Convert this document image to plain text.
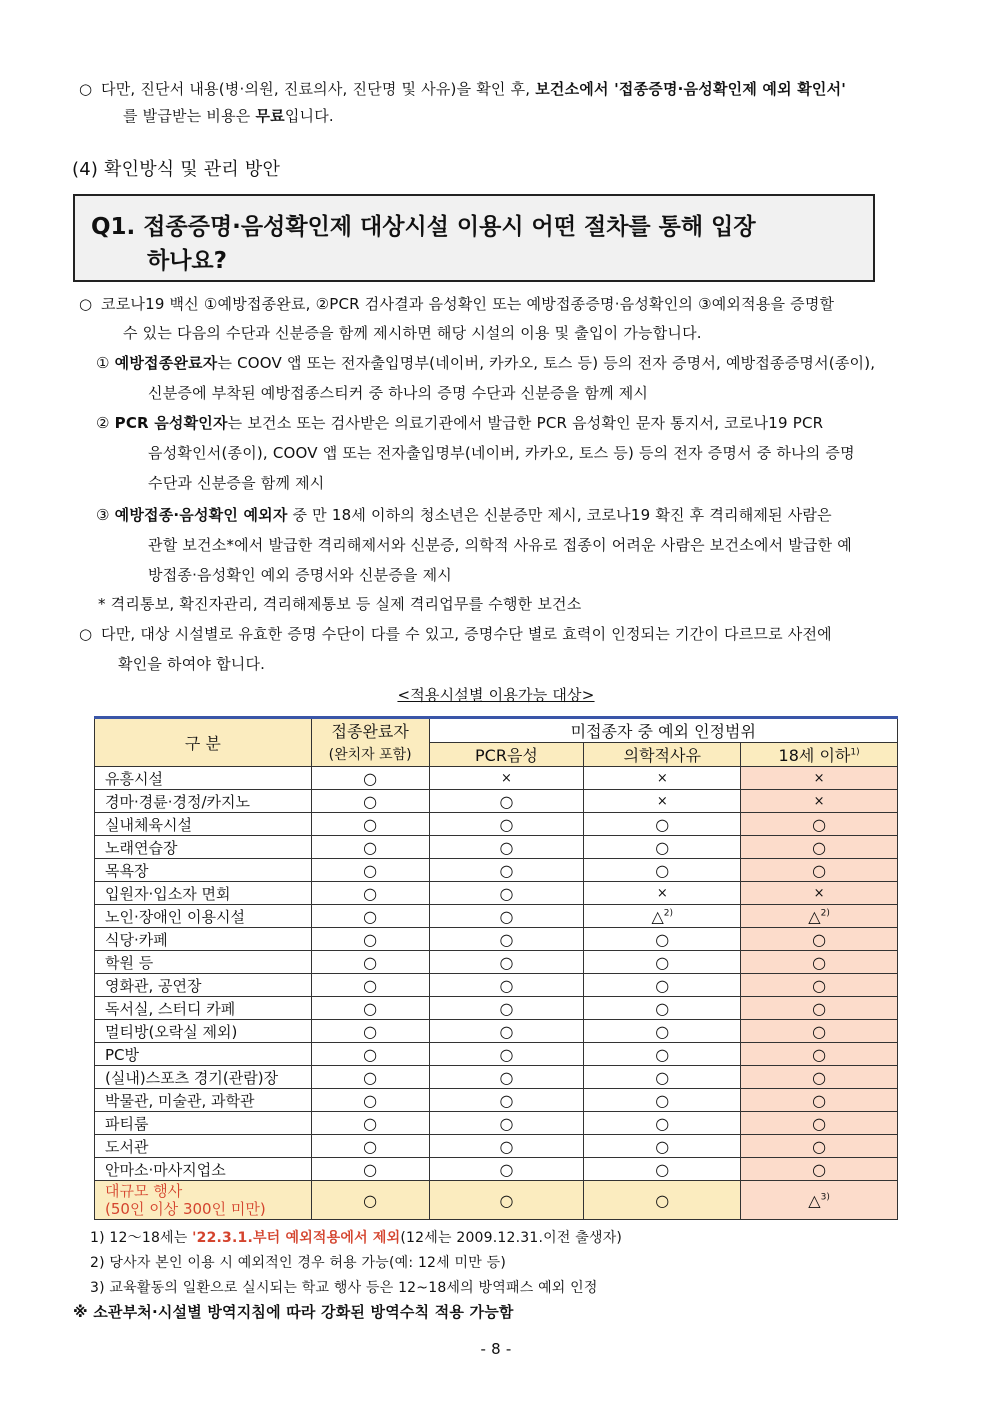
○ 다만, 진단서 내용(병·의원, 진료의사, 진단명 및 사유)을 확인 후, 보건소에서 '접종증명·음성확인제 예외 확인서'
를 발급받는 비용은 무료입니다.
(4) 확인방식 및 관리 방안
Q1. 접종증명·음성확인제 대상시설 이용시 어떤 절차를 통해 입장
하나요?
○ 코로나19 백신 ①예방접종완료, ②PCR 검사결과 음성확인 또는 예방접종증명·음성확인의 ③예외적용을 증명할
수 있는 다음의 수단과 신분증을 함께 제시하면 해당 시설의 이용 및 출입이 가능합니다.
① 예방접종완료자는 COOV 앱 또는 전자출입명부(네이버, 카카오, 토스 등) 등의 전자 증명서, 예방접종증명서(종이),
신분증에 부착된 예방접종스티커 중 하나의 증명 수단과 신분증을 함께 제시
② PCR 음성확인자는 보건소 또는 검사받은 의료기관에서 발급한 PCR 음성확인 문자 통지서, 코로나19 PCR
음성확인서(종이), COOV 앱 또는 전자출입명부(네이버, 카카오, 토스 등) 등의 전자 증명서 중 하나의 증명
수단과 신분증을 함께 제시
③ 예방접종·음성확인 예외자 중 만 18세 이하의 청소년은 신분증만 제시, 코로나19 확진 후 격리해제된 사람은
관할 보건소*에서 발급한 격리해제서와 신분증, 의학적 사유로 접종이 어려운 사람은 보건소에서 발급한 예
방접종·음성확인 예외 증명서와 신분증을 제시
* 격리통보, 확진자관리, 격리해제통보 등 실제 격리업무를 수행한 보건소
○ 다만, 대상 시설별로 유효한 증명 수단이 다를 수 있고, 증명수단 별로 효력이 인정되는 기간이 다르므로 사전에
확인을 하여야 합니다.
<적용시설별 이용가능 대상>
구 분	접종완료자	미접종자 중 예외 인정범위		
	(완치자 포함)	PCR음성	의학적사유	18세 이하$^{1)}$
유흥시설	○	×	×	×
경마·경륜·경정/카지노	○	○	×	×
실내체육시설	○	○	○	○
노래연습장	○	○	○	○
목욕장	○	○	○	○
입원자·입소자 면회	○	○	×	×
노인·장애인 이용시설	○	○	△$^{2)}$	△$^{2)}$
식당·카페	○	○	○	○
학원 등	○	○	○	○
영화관, 공연장	○	○	○	○
독서실, 스터디 카페	○	○	○	○
멀티방(오락실 제외)	○	○	○	○
PC방	○	○	○	○
(실내)스포츠 경기(관람)장	○	○	○	○
박물관, 미술관, 과학관	○	○	○	○
파티룸	○	○	○	○
도서관	○	○	○	○
안마소·마사지업소	○	○	○	○

대규모 행사
(50인 이상 300인 미만)	○	○	○	△$^{3)}$
1) 12～18세는 '22.3.1.부터 예외적용에서 제외(12세는 2009.12.31.이전 출생자)
2) 당사자 본인 이용 시 예외적인 경우 허용 가능(예: 12세 미만 등)
3) 교육활동의 일환으로 실시되는 학교 행사 등은 12~18세의 방역패스 예외 인정
※ 소관부처·시설별 방역지침에 따라 강화된 방역수칙 적용 가능함
- 8 -
